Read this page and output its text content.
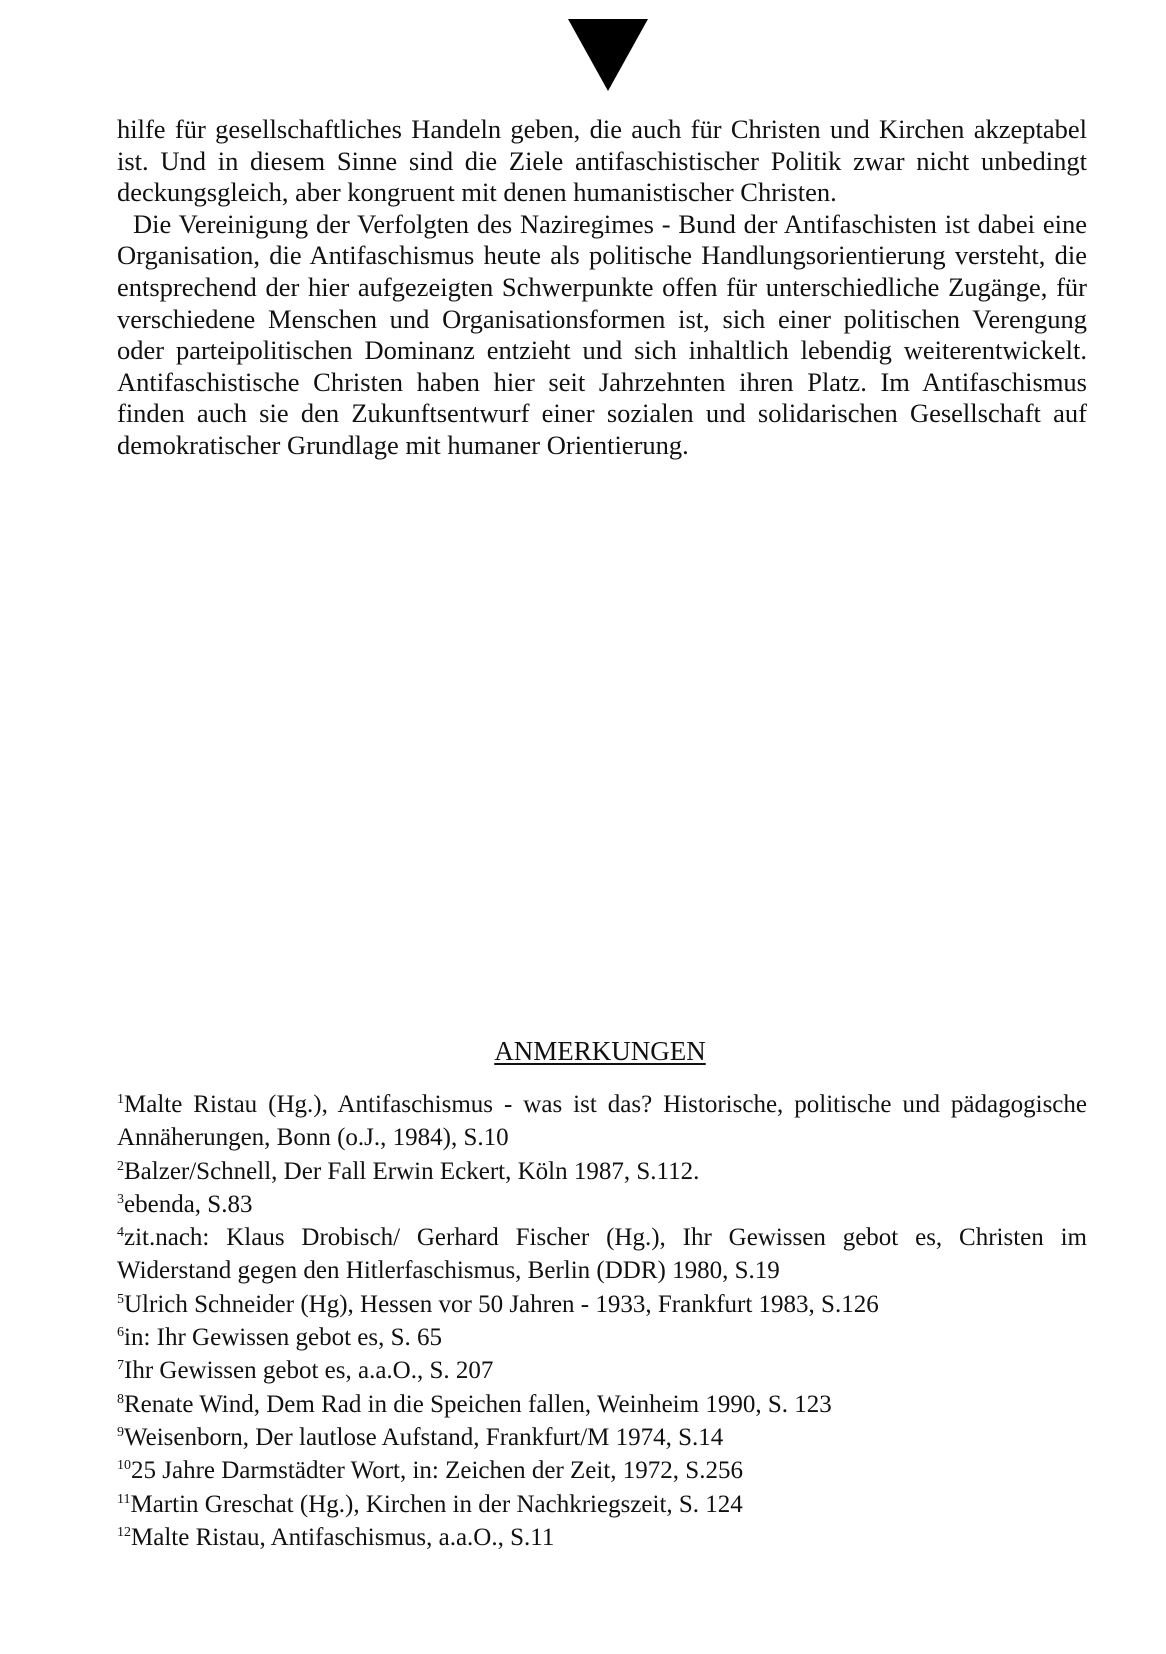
hilfe für gesellschaftliches Handeln geben, die auch für Christen und Kirchen akzeptabel ist. Und in diesem Sinne sind die Ziele antifaschistischer Politik zwar nicht unbedingt deckungsgleich, aber kongruent mit denen humanistischer Christen.

Die Vereinigung der Verfolgten des Naziregimes - Bund der Antifaschisten ist dabei eine Organisation, die Antifaschismus heute als politische Handlungsorientierung versteht, die entsprechend der hier aufgezeigten Schwerpunkte offen für unterschiedliche Zugänge, für verschiedene Menschen und Organisationsformen ist, sich einer politischen Verengung oder parteipolitischen Dominanz entzieht und sich inhaltlich lebendig weiterentwickelt. Antifaschistische Christen haben hier seit Jahrzehnten ihren Platz. Im Antifaschismus finden auch sie den Zukunftsentwurf einer sozialen und solidarischen Gesellschaft auf demokratischer Grundlage mit humaner Orientierung.

ANMERKUNGEN

$^1$Malte Ristau (Hg.), Antifaschismus - was ist das? Historische, politische und pädagogische Annäherungen, Bonn (o.J., 1984), S.10

$^2$Balzer/Schnell, Der Fall Erwin Eckert, Köln 1987, S.112.

$^3$ebenda, S.83

$^4$zit.nach: Klaus Drobisch/ Gerhard Fischer (Hg.), Ihr Gewissen gebot es, Christen im Widerstand gegen den Hitlerfaschismus, Berlin (DDR) 1980, S.19

$^5$Ulrich Schneider (Hg), Hessen vor 50 Jahren - 1933, Frankfurt 1983, S.126

$^6$in: Ihr Gewissen gebot es, S. 65

$^7$Ihr Gewissen gebot es, a.a.O., S. 207

$^8$Renate Wind, Dem Rad in die Speichen fallen, Weinheim 1990, S. 123

$^9$Weisenborn, Der lautlose Aufstand, Frankfurt/M 1974, S.14

$^{10}$25 Jahre Darmstädter Wort, in: Zeichen der Zeit, 1972, S.256

$^{11}$Martin Greschat (Hg.), Kirchen in der Nachkriegszeit, S. 124

$^{12}$Malte Ristau, Antifaschismus, a.a.O., S.11
